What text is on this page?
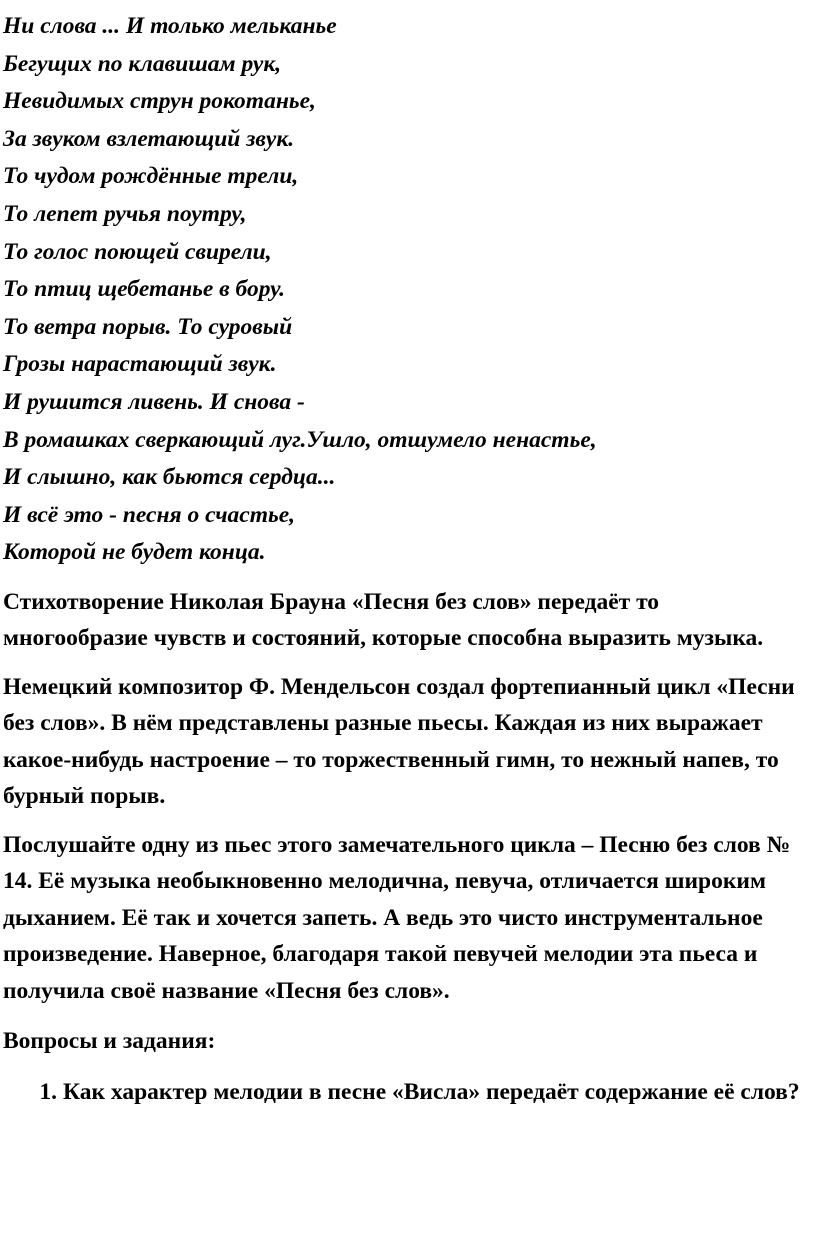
Ни слова ... И только мельканье
Бегущих по клавишам рук,
Невидимых струн рокотанье,
За звуком взлетающий звук.
То чудом рождённые трели,
То лепет ручья поутру,
То голос поющей свирели,
То птиц щебетанье в бору.
То ветра порыв. То суровый
Грозы нарастающий звук.
И рушится ливень. И снова -
В ромашках сверкающий луг.Ушло, отшумело ненастье,
И слышно, как бьются сердца...
И всё это - песня о счастье,
Которой не будет конца.

Стихотворение Николая Брауна «Песня без слов» передаёт то многообразие чувств и состояний, которые способна выразить музыка.

Немецкий композитор Ф. Мендельсон создал фортепианный цикл «Песни без слов». В нём представлены разные пьесы. Каждая из них выражает какое-нибудь настроение – то торжественный гимн, то нежный напев, то бурный порыв.

Послушайте одну из пьес этого замечательного цикла – Песню без слов № 14. Её музыка необыкновенно мелодична, певуча, отличается широким дыханием. Её так и хочется запеть. А ведь это чисто инструментальное произведение. Наверное, благодаря такой певучей мелодии эта пьеса и получила своё название «Песня без слов».

Вопросы и задания:

1. Как характер мелодии в песне «Висла» передаёт содержание её слов?
